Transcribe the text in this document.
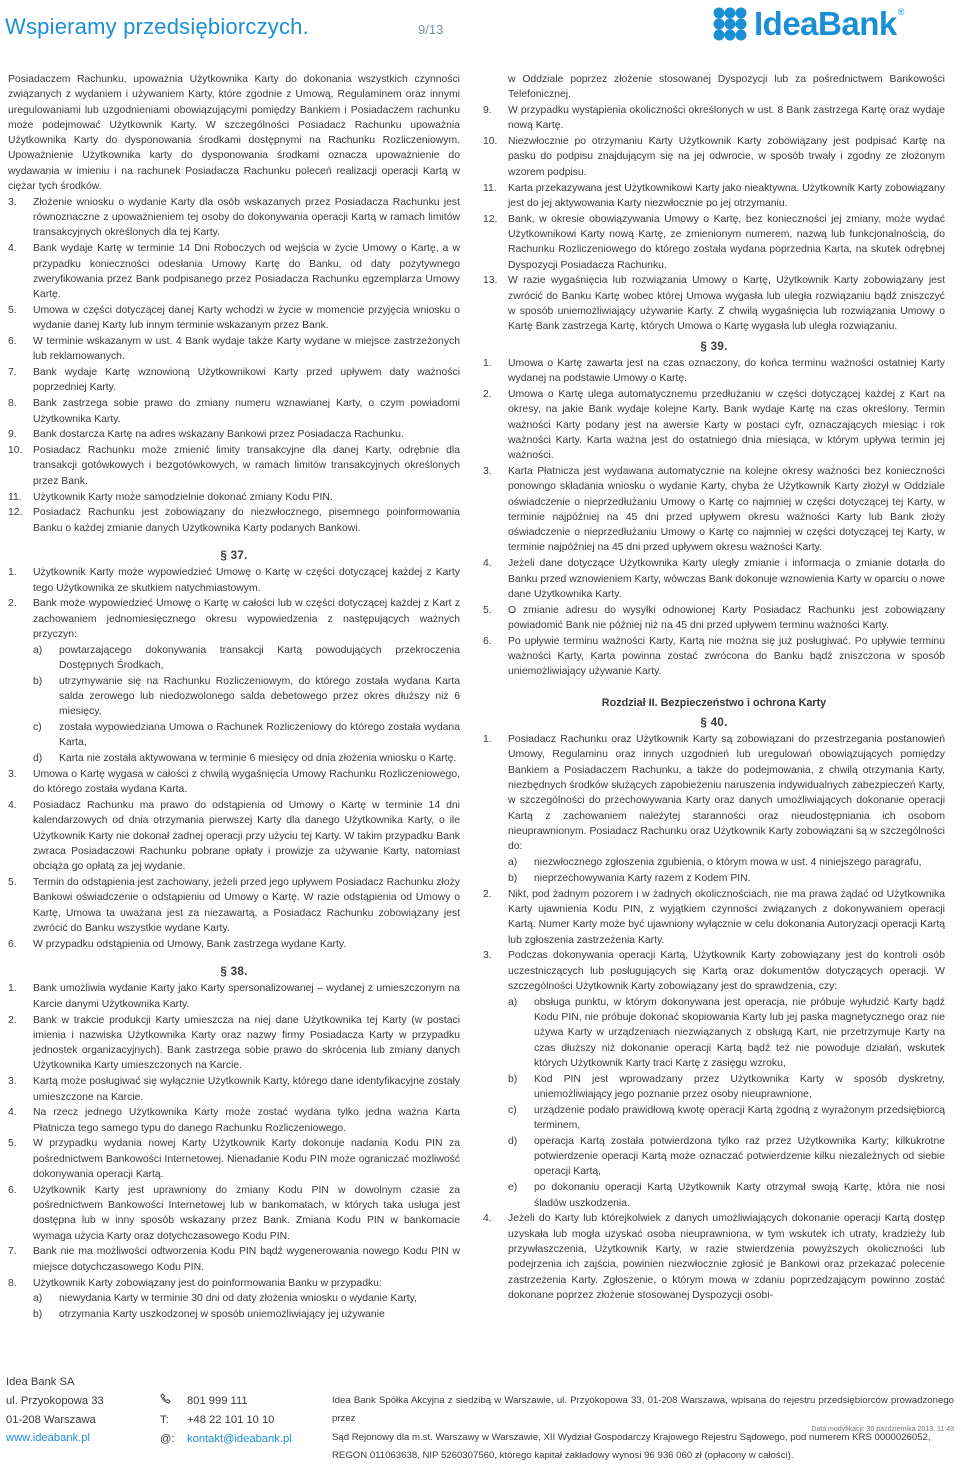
Wspieramy przedsiębiorczych.	9/13	IdeaBank ®
Posiadaczem Rachunku, upoważnia Użytkownika Karty do dokonania wszystkich czynności związanych z wydaniem i używaniem Karty, które zgodnie z Umową, Regulaminem oraz innymi uregulowaniami lub uzgodnieniami obowiązującymi pomiędzy Bankiem i Posiadaczem rachunku może podejmować Użytkownik Karty. W szczególności Posiadacz Rachunku upoważnia Użytkownika Karty do dysponowania środkami dostępnymi na Rachunku Rozliczeniowym. Upoważnienie Użytkownika karty do dysponowania środkami oznacza upoważnienie do wydawania w imieniu i na rachunek Posiadacza Rachunku poleceń realizacji operacji Kartą w ciężar tych środków.
3.	Złożenie wniosku o wydanie Karty dla osób wskazanych przez Posiadacza Rachunku jest równoznaczne z upoważnieniem tej osoby do dokonywania operacji Kartą w ramach limitów transakcyjnych określonych dla tej Karty.
4.	Bank wydaje Kartę w terminie 14 Dni Roboczych od wejścia w życie Umowy o Kartę, a w przypadku konieczności odesłania Umowy Kartę do Banku, od daty pozytywnego zweryfikowania przez Bank podpisanego przez Posiadacza Rachunku egzemplarza Umowy Kartę.
5.	Umowa w części dotyczącej danej Karty wchodzi w życie w momencie przyjęcia wniosku o wydanie danej Karty lub innym terminie wskazanym przez Bank.
6.	W terminie wskazanym w ust. 4 Bank wydaje także Karty wydane w miejsce zastrzeżonych lub reklamowanych.
7.	Bank wydaje Kartę wznowioną Użytkownikowi Karty przed upływem daty ważności poprzedniej Karty.
8.	Bank zastrzega sobie prawo do zmiany numeru wznawianej Karty, o czym powiadomi Użytkownika Karty.
9.	Bank dostarcza Kartę na adres wskazany Bankowi przez Posiadacza Rachunku.
10.	Posiadacz Rachunku może zmienić limity transakcyjne dla danej Karty, odrębnie dla transakcji gotówkowych i bezgotówkowych, w ramach limitów transakcyjnych określonych przez Bank.
11.	Użytkownik Karty może samodzielnie dokonać zmiany Kodu PIN.
12.	Posiadacz Rachunku jest zobowiązany do niezwłocznego, pisemnego poinformowania Banku o każdej zmianie danych Użytkownika Karty podanych Bankowi.
§ 37.
1.	Użytkownik Karty może wypowiedzieć Umowę o Kartę w części dotyczącej każdej z Karty tego Użytkownika ze skutkiem natychmiastowym.
2.	Bank może wypowiedzieć Umowę o Kartę w całości lub w części dotyczącej każdej z Kart z zachowaniem jednomiesięcznego okresu wypowiedzenia z następujących ważnych przyczyn:
a)	powtarzającego dokonywania transakcji Kartą powodujących przekroczenia Dostępnych Środkach,
b)	utrzymywanie się na Rachunku Rozliczeniowym, do którego została wydana Karta salda zerowego lub niedozwolonego salda debetowego przez okres dłuższy niż 6 miesięcy,
c)	została wypowiedziana Umowa o Rachunek Rozliczeniowy do którego została wydana Karta,
d)	Karta nie została aktywowana w terminie 6 miesięcy od dnia złożenia wniosku o Kartę.
3.	Umowa o Kartę wygasa w całości z chwilą wygaśnięcia Umowy Rachunku Rozliczeniowego, do którego została wydana Karta.
4.	Posiadacz Rachunku ma prawo do odstąpienia od Umowy o Kartę w terminie 14 dni kalendarzowych od dnia otrzymania pierwszej Karty dla danego Użytkownika Karty, o ile Użytkownik Karty nie dokonał żadnej operacji przy użyciu tej Karty. W takim przypadku Bank zwraca Posiadaczowi Rachunku pobrane opłaty i prowizje za używanie Karty, natomiast obciąża go opłatą za jej wydanie.
5.	Termin do odstąpienia jest zachowany, jeżeli przed jego upływem Posiadacz Rachunku złoży Bankowi oświadczenie o odstąpieniu od Umowy o Kartę. W razie odstąpienia od Umowy o Kartę, Umowa ta uważana jest za niezawartą, a Posiadacz Rachunku zobowiązany jest zwrócić do Banku wszystkie wydane Karty.
6.	W przypadku odstąpienia od Umowy, Bank zastrzega wydane Karty.
§ 38.
1.	Bank umożliwia wydanie Karty jako Karty spersonalizowanej – wydanej z umieszczonym na Karcie danymi Użytkownika Karty.
2.	Bank w trakcie produkcji Karty umieszcza na niej dane Użytkownika tej Karty (w postaci imienia i nazwiska Użytkownika Karty oraz nazwy firmy Posiadacza Karty w przypadku jednostek organizacyjnych). Bank zastrzega sobie prawo do skrócenia lub zmiany danych Użytkownika Karty umieszczonych na Karcie.
3.	Kartą może posługiwać się wyłącznie Użytkownik Karty, którego dane identyfikacyjne zostały umieszczone na Karcie.
4.	Na rzecz jednego Użytkownika Karty może zostać wydana tylko jedna ważna Karta Płatnicza tego samego typu do danego Rachunku Rozliczeniowego.
5.	W przypadku wydania nowej Karty Użytkownik Karty dokonuje nadania Kodu PIN za pośrednictwem Bankowości Internetowej. Nienadanie Kodu PIN może ograniczać możliwość dokonywania operacji Kartą.
6.	Użytkownik Karty jest uprawniony do zmiany Kodu PIN w dowolnym czasie za pośrednictwem Bankowości Internetowej lub w bankomatach, w których taka usługa jest dostępna lub w inny sposób wskazany przez Bank. Zmiana Kodu PIN w bankomacie wymaga użycia Karty oraz dotychczasowego Kodu PIN.
7.	Bank nie ma możliwości odtworzenia Kodu PIN bądź wygenerowania nowego Kodu PIN w miejsce dotychczasowego Kodu PIN.
8.	Użytkownik Karty zobowiązany jest do poinformowania Banku w przypadku:
a)	niewydania Karty w terminie 30 dni od daty złożenia wniosku o wydanie Karty,
b)	otrzymania Karty uszkodzonej w sposób uniemożliwiający jej używanie
w Oddziale poprzez złożenie stosowanej Dyspozycji lub za pośrednictwem Bankowości Telefonicznej.
9.	W przypadku wystąpienia okoliczności określonych w ust. 8 Bank zastrzega Kartę oraz wydaje nową Kartę.
10.	Niezwłocznie po otrzymaniu Karty Użytkownik Karty zobowiązany jest podpisać Kartę na pasku do podpisu znajdującym się na jej odwrocie, w sposób trwały i zgodny ze złożonym wzorem podpisu.
11.	Karta przekazywana jest Użytkownikowi Karty jako nieaktywna. Użytkownik Karty zobowiązany jest do jej aktywowania Karty niezwłocznie po jej otrzymaniu.
12.	Bank, w okresie obowiązywania Umowy o Kartę, bez konieczności jej zmiany, może wydać Użytkownikowi Karty nową Kartę, ze zmienionym numerem, nazwą lub funkcjonalnością, do Rachunku Rozliczeniowego do którego została wydana poprzednia Karta, na skutek odrębnej Dyspozycji Posiadacza Rachunku.
13.	W razie wygaśnięcia lub rozwiązania Umowy o Kartę, Użytkownik Karty zobowiązany jest zwrócić do Banku Kartę wobec której Umowa wygasła lub uległa rozwiązaniu bądź zniszczyć w sposób uniemożliwiający używanie Karty. Z chwilą wygaśnięcia lub rozwiązania Umowy o Kartę Bank zastrzega Kartę, których Umowa o Kartę wygasła lub uległa rozwiązaniu.
§ 39.
1.	Umowa o Kartę zawarta jest na czas oznaczony, do końca terminu ważności ostatniej Karty wydanej na podstawie Umowy o Kartę.
2.	Umowa o Kartę ulega automatycznemu przedłużaniu w części dotyczącej każdej z Kart na okresy, na jakie Bank wydaje kolejne Karty. Bank wydaje Kartę na czas określony. Termin ważności Karty podany jest na awersie Karty w postaci cyfr, oznaczających miesiąc i rok ważności Karty. Karta ważna jest do ostatniego dnia miesiąca, w którym upływa termin jej ważności.
3.	Karta Płatnicza jest wydawana automatycznie na kolejne okresy ważności bez konieczności ponowngo składania wniosku o wydanie Karty, chyba że Użytkownik Karty złożył w Oddziale oświadczenie o nieprzedłużaniu Umowy o Kartę co najmniej w części dotyczącej tej Karty, w terminie najpóźniej na 45 dni przed upływem okresu ważności Karty lub Bank złoży oświadczenie o nieprzedłużaniu Umowy o Kartę co najmniej w części dotyczącej tej Karty, w terminie najpóźniej na 45 dni przed upływem okresu ważności Karty.
4.	Jeżeli dane dotyczące Użytkownika Karty uległy zmianie i informacja o zmianie dotarła do Banku przed wznowieniem Karty, wówczas Bank dokonuje wznowienia Karty w oparciu o nowe dane Użytkownika Karty.
5.	O zmianie adresu do wysyłki odnowionej Karty Posiadacz Rachunku jest zobowiązany powiadomić Bank nie później niż na 45 dni przed upływem terminu ważności Karty.
6.	Po upływie terminu ważności Karty, Kartą nie można się już posługiwać. Po upływie terminu ważności Karty, Karta powinna zostać zwrócona do Banku bądź zniszczona w sposób uniemożliwiający używanie Karty.
Rozdział II. Bezpieczeństwo i ochrona Karty
§ 40.
1.	Posiadacz Rachunku oraz Użytkownik Karty są zobowiązani do przestrzegania postanowień Umowy, Regulaminu oraz innych uzgodnień lub uregulowań obowiązujących pomiędzy Bankiem a Posiadaczem Rachunku, a także do podejmowania, z chwilą otrzymania Karty, niezbędnych środków służących zapobieżeniu naruszenia indywidualnych zabezpieczeń Karty, w szczególności do przechowywania Karty oraz danych umożliwiających dokonanie operacji Kartą z zachowaniem należytej staranności oraz nieudostępniania ich osobom nieuprawnionym. Posiadacz Rachunku oraz Użytkownik Karty zobowiązani są w szczególności do:
a)	niezwłocznego zgłoszenia zgubienia, o którym mowa w ust. 4 niniejszego paragrafu,
b)	nieprzechowywania Karty razem z Kodem PIN.
2.	Nikt, pod żadnym pozorem i w żadnych okolicznościach, nie ma prawa żądać od Użytkownika Karty ujawnienia Kodu PIN, z wyjątkiem czynności związanych z dokonywaniem operacji Kartą. Numer Karty może być ujawniony wyłącznie w celu dokonania Autoryzacji operacji Kartą lub zgłoszenia zastrzeżenia Karty.
3.	Podczas dokonywania operacji Kartą, Użytkownik Karty zobowiązany jest do kontroli osób uczestniczących lub posługujących się Kartą oraz dokumentów dotyczących operacji. W szczególności Użytkownik Karty zobowiązany jest do sprawdzenia, czy:
a)	obsługa punktu, w którym dokonywana jest operacja, nie próbuje wyłudzić Karty bądź Kodu PIN, nie próbuje dokonać skopiowania Karty lub jej paska magnetycznego oraz nie używa Karty w urządzeniach niezwiązanych z obsługą Kart, nie przetrzymuje Karty na czas dłuższy niż dokonanie operacji Kartą bądź też nie powoduje działań, wskutek których Użytkownik Karty traci Kartę z zasięgu wzroku,
b)	Kod PIN jest wprowadzany przez Użytkownika Karty w sposób dyskretny, uniemożliwiający jego poznanie przez osoby nieuprawnione,
c)	urządzenie podało prawidłową kwotę operacji Kartą zgodną z wyrażonym przedsiębiorcą terminem,
d)	operacja Kartą została potwierdzona tylko raz przez Użytkownika Karty; kilkukrotne potwierdzenie operacji Kartą może oznaczać potwierdzenie kilku niezależnych od siebie operacji Kartą,
e)	po dokonaniu operacji Kartą Użytkownik Karty otrzymał swoją Kartę, która nie nosi śladów uszkodzenia.
4.	Jeżeli do Karty lub którejkolwiek z danych umożliwiających dokonanie operacji Kartą dostęp uzyskała lub mogła uzyskać osoba nieuprawniona, w tym wskutek ich utraty, kradzieży lub przywłaszczenia, Użytkownik Karty, w razie stwierdzenia powyższych okoliczności lub podejrzenia ich zajścia, powinien niezwłocznie zgłosić je Bankowi oraz przekazać polecenie zastrzeżenia Karty. Zgłoszenie, o którym mowa w zdaniu poprzedzającym powinno zostać dokonane poprzez złożenie stosowanej Dyspozycji osobi-
Idea Bank SA
ul. Przyokopowa 33
01-208 Warszawa
www.ideabank.pl
801 999 111
T:	+48 22 101 10 10
@:	kontakt@ideabank.pl
Idea Bank Spółka Akcyjna z siedzibą w Warszawie, ul. Przyokopowa 33, 01-208 Warszawa, wpisana do rejestru przedsiębiorców prowadzonego przez
Sąd Rejonowy dla m.st. Warszawy w Warszawie, XII Wydział Gospodarczy Krajowego Rejestru Sądowego, pod numerem KRS 0000026052,
REGON 011063638, NIP 5260307560, którego kapitał zakładowy wynosi 96 936 060 zł (opłacony w całości).
Data modyfikacji: 30 października 2013, 11:43
